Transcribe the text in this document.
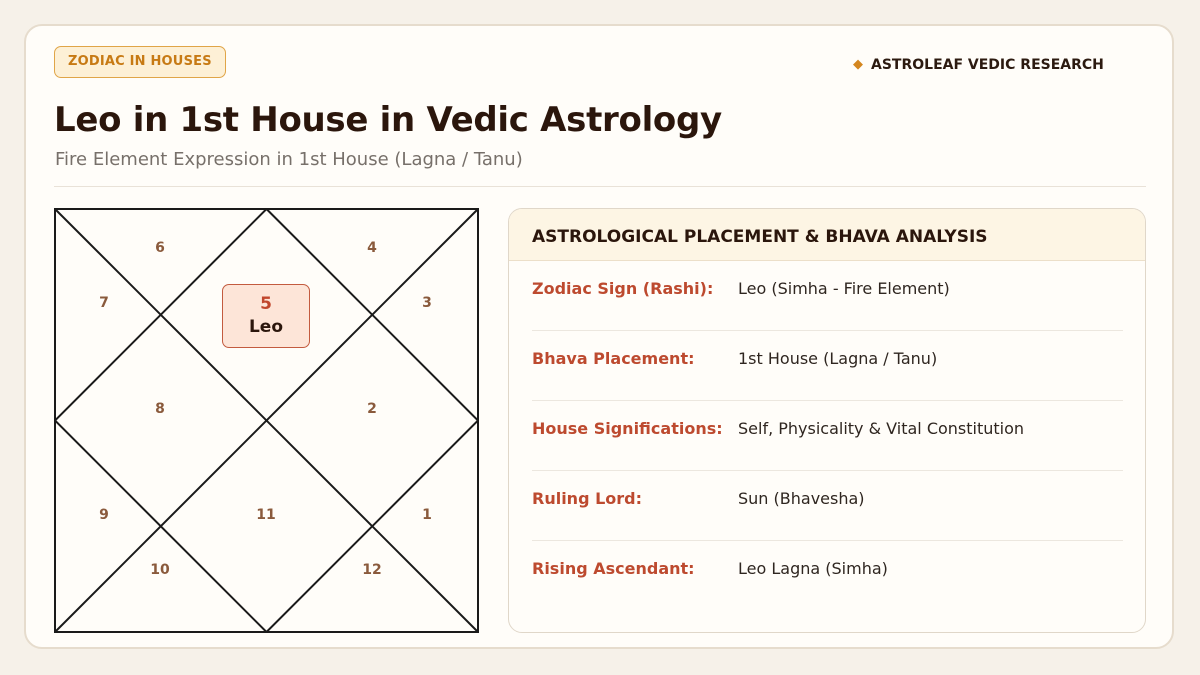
ZODIAC IN HOUSES	◆ ASTROLEAF VEDIC RESEARCH
Leo in 1st House in Vedic Astrology
Fire Element Expression in 1st House (Lagna / Tanu)
6	4
7	3
8	2
9	11	1
10	12
5
Leo
ASTROLOGICAL PLACEMENT & BHAVA ANALYSIS
Zodiac Sign (Rashi): Leo (Simha - Fire Element)
Bhava Placement:	1st House (Lagna / Tanu)
House Significations: Self, Physicality & Vital Constitution
Ruling Lord:	Sun (Bhavesha)
Rising Ascendant:	Leo Lagna (Simha)
